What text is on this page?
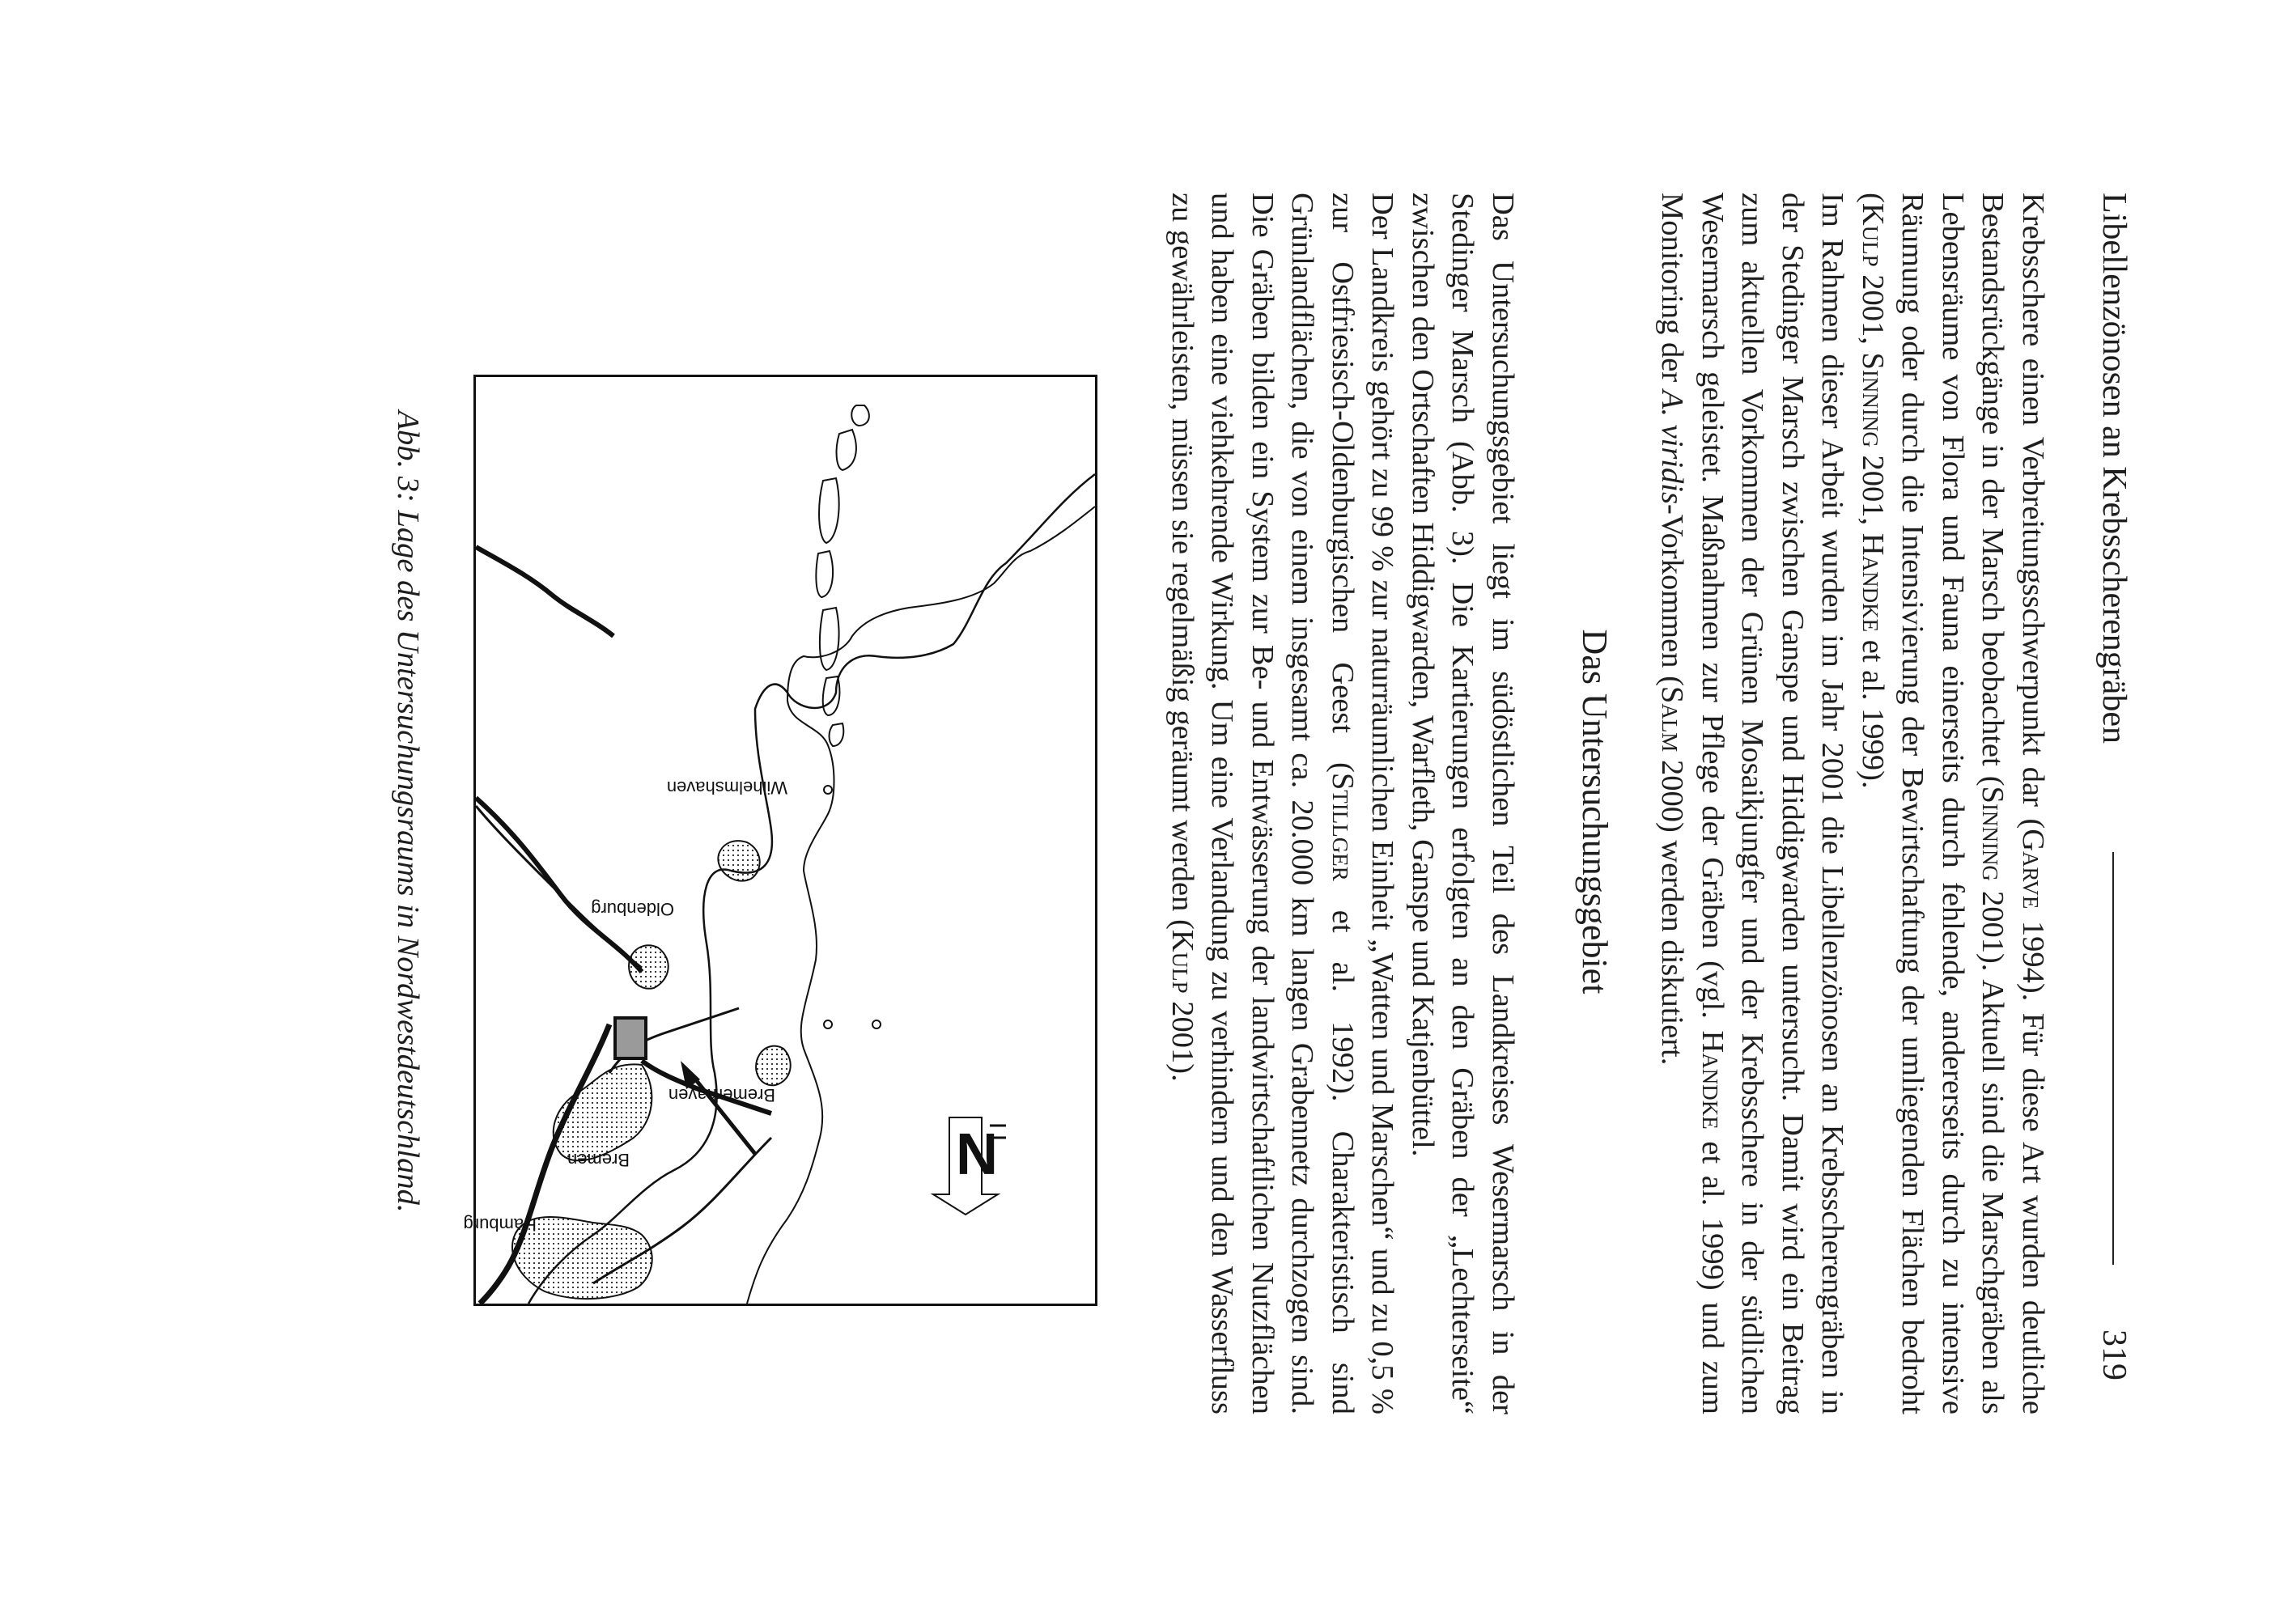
Libellenzönosen an Krebsscherengräben
319

Krebsschere einen Verbreitungsschwerpunkt dar (Garve 1994). Für diese Art wurden deutliche Bestandsrückgänge in der Marsch beobachtet (Sinning 2001). Aktuell sind die Marschgräben als Lebensräume von Flora und Fauna einerseits durch fehlende, andererseits durch zu intensive Räumung oder durch die Intensivierung der Bewirtschaftung der umliegenden Flächen bedroht (Kulp 2001, Sinning 2001, Handke et al. 1999).

Im Rahmen dieser Arbeit wurden im Jahr 2001 die Libellenzönosen an Krebsscherengräben in der Stedinger Marsch zwischen Ganspe und Hiddigwarden untersucht. Damit wird ein Beitrag zum aktuellen Vorkommen der Grünen Mosaikjungfer und der Krebsschere in der südlichen Wesermarsch geleistet. Maßnahmen zur Pflege der Gräben (vgl. Handke et al. 1999) und zum Monitoring der A. viridis-Vorkommen (Salm 2000) werden diskutiert.

Das Untersuchungsgebiet

Das Untersuchungsgebiet liegt im südöstlichen Teil des Landkreises Wesermarsch in der Stedinger Marsch (Abb. 3). Die Kartierungen erfolgten an den Gräben der „Lechterseite“ zwischen den Ortschaften Hiddigwarden, Warfleth, Ganspe und Katjenbüttel.

Der Landkreis gehört zu 99 % zur naturräumlichen Einheit „Watten und Marschen“ und zu 0,5 % zur Ostfriesisch-Oldenburgischen Geest (Stillger et al. 1992). Charakteristisch sind Grünlandflächen, die von einem insgesamt ca. 20.000 km langen Grabennetz durchzogen sind. Die Gräben bilden ein System zur Be- und Entwässerung der landwirtschaftlichen Nutzflächen und haben eine viehkehrende Wirkung. Um eine Verlandung zu verhindern und den Wasserfluss zu gewährleisten, müssen sie regelmäßig geräumt werden (Kulp 2001).

Wilhelmshaven
Oldenburg
Bremerhaven
Bremen
Hamburg
N
Abb. 3: Lage des Untersuchungsraums in Nordwestdeutschland.
